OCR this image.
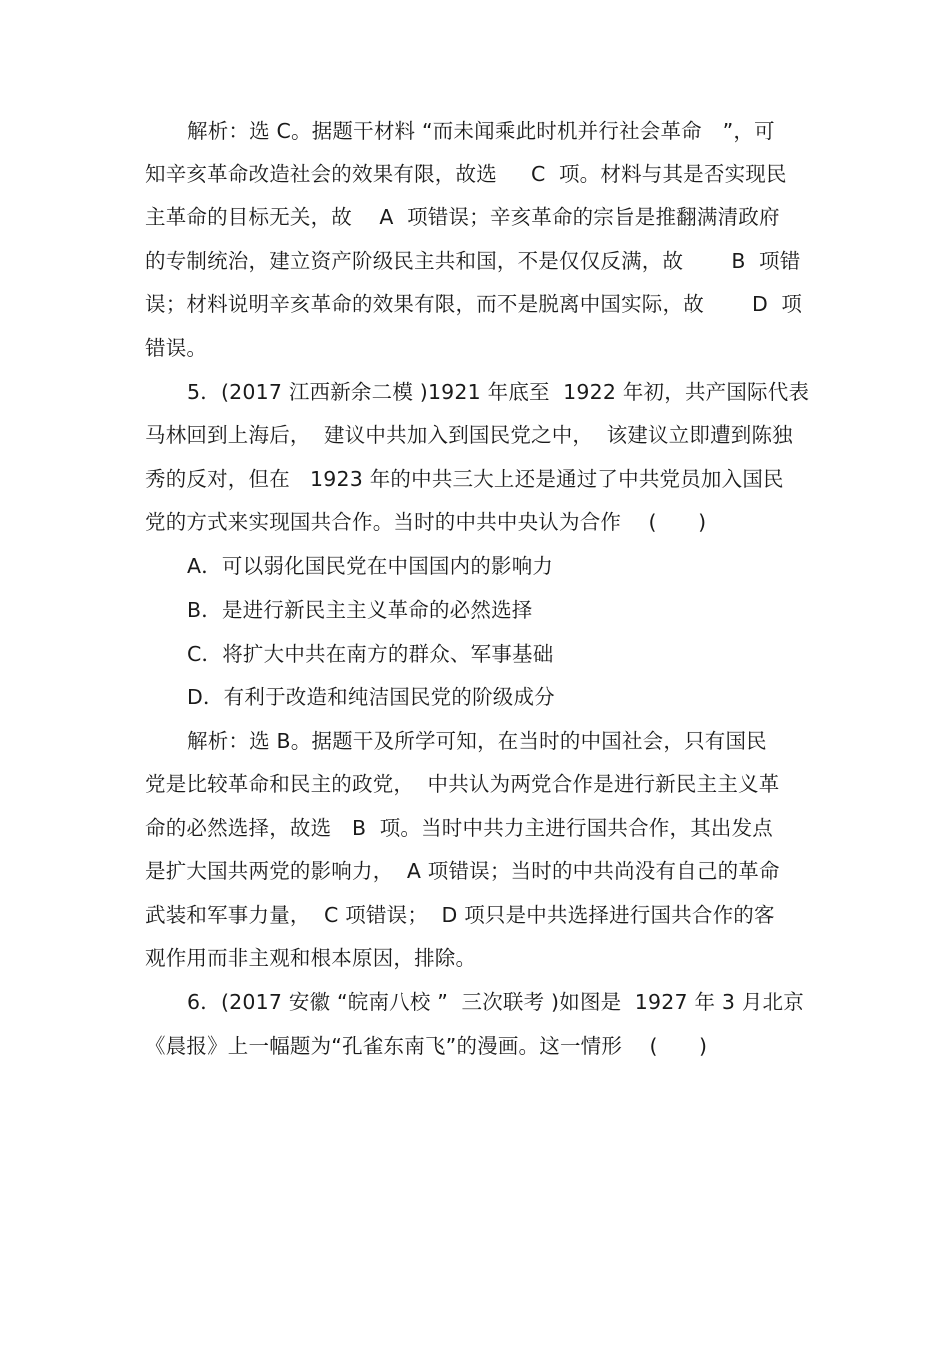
解析：选 C。据题干材料 “而未闻乘此时机并行社会革命　”，可
知辛亥革命改造社会的效果有限，故选　  C  项。材料与其是否实现民
主革命的目标无关，故　 A  项错误；辛亥革命的宗旨是推翻满清政府
的专制统治，建立资产阶级民主共和国，不是仅仅反满，故　　 B  项错
误；材料说明辛亥革命的效果有限，而不是脱离中国实际，故　　 D  项
错误。
5．(2017 江西新余二模 )1921 年底至  1922 年初，共产国际代表
马林回到上海后，  建议中共加入到国民党之中，  该建议立即遭到陈独
秀的反对，但在   1923 年的中共三大上还是通过了中共党员加入国民
党的方式来实现国共合作。当时的中共中央认为合作　 (　　)
A．可以弱化国民党在中国国内的影响力
B．是进行新民主主义革命的必然选择
C．将扩大中共在南方的群众、军事基础
D．有利于改造和纯洁国民党的阶级成分
解析：选 B。据题干及所学可知，在当时的中国社会，只有国民
党是比较革命和民主的政党，  中共认为两党合作是进行新民主主义革
命的必然选择，故选　B  项。当时中共力主进行国共合作，其出发点
是扩大国共两党的影响力，  A 项错误；当时的中共尚没有自己的革命
武装和军事力量，  C 项错误；  D 项只是中共选择进行国共合作的客
观作用而非主观和根本原因，排除。
6．(2017 安徽 “皖南八校 ”  三次联考 )如图是  1927 年 3 月北京
《晨报》上一幅题为“孔雀东南飞”的漫画。这一情形　 (　　)
